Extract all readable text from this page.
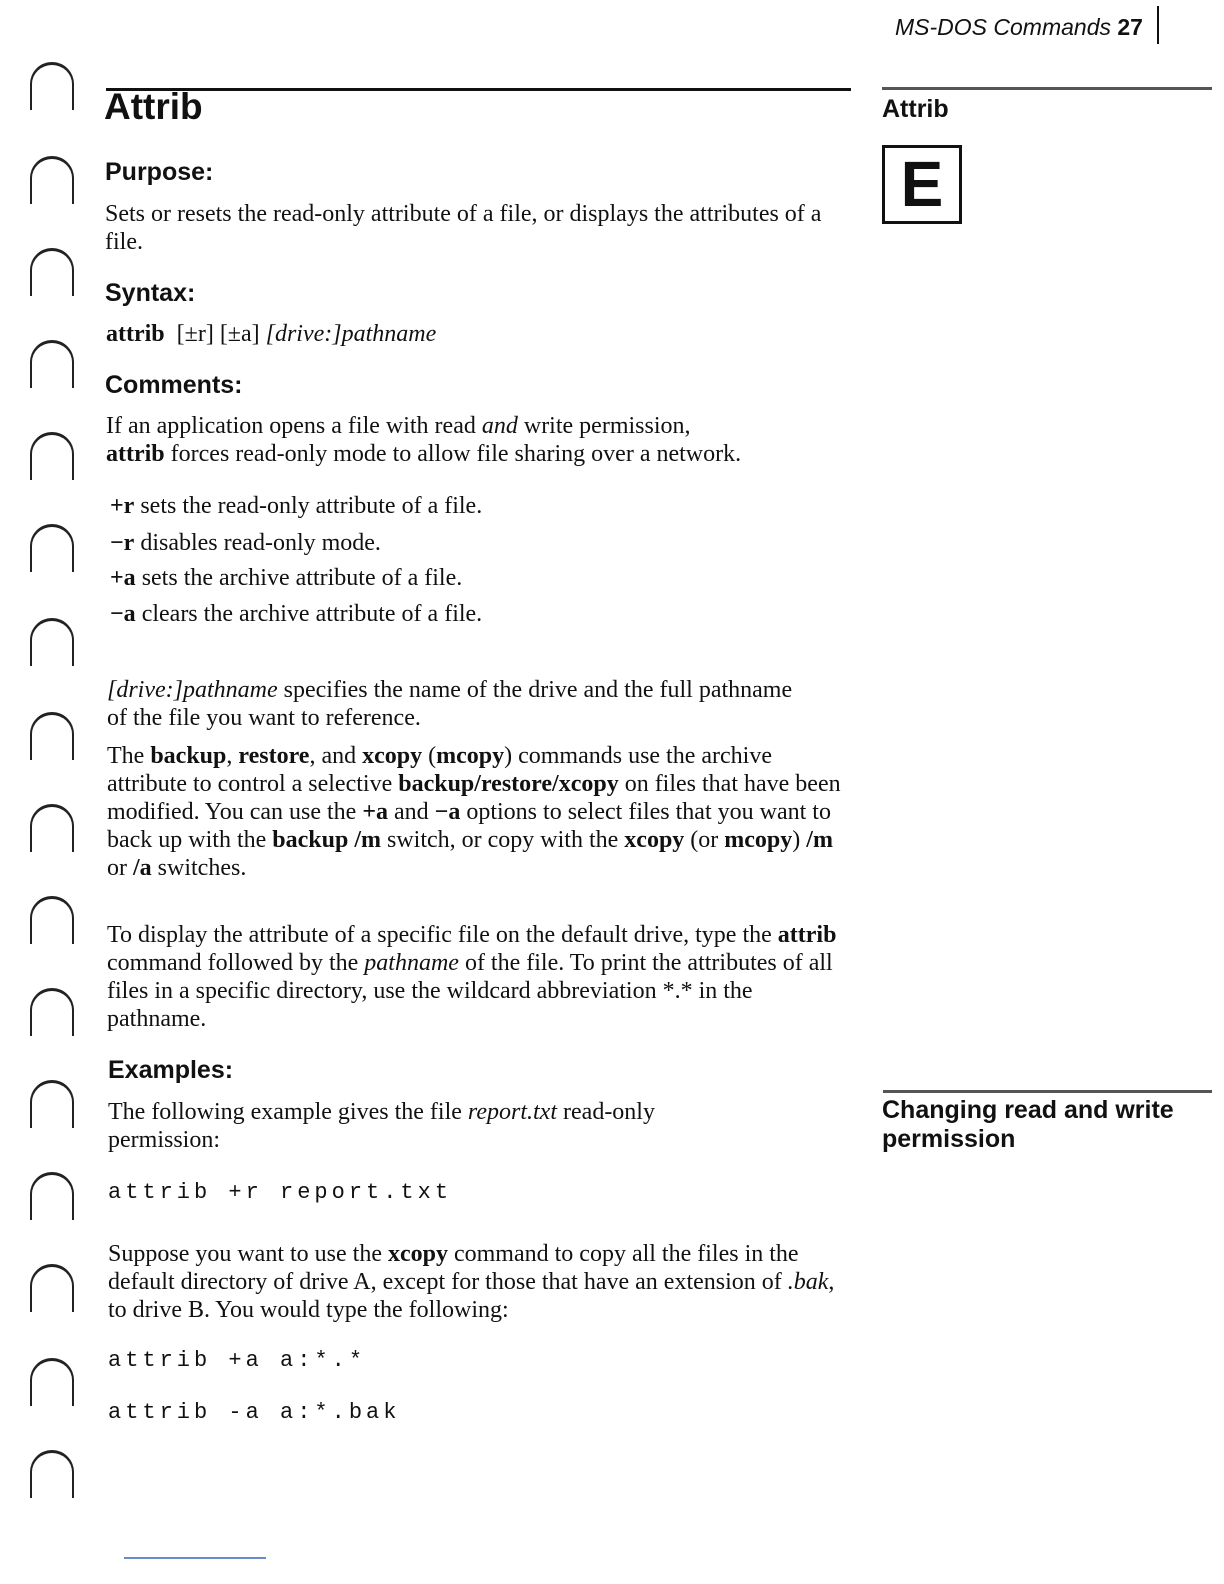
MS-DOS Commands 27
Attrib	Attrib
E
Changing read and write permission
Purpose:
Sets or resets the read-only attribute of a file, or displays the attributes of a file.
Syntax:
attrib [±r] [±a] [drive:]pathname
Comments:
If an application opens a file with read and write permission,
attrib forces read-only mode to allow file sharing over a network.
+r sets the read-only attribute of a file.
−r disables read-only mode.
+a sets the archive attribute of a file.
−a clears the archive attribute of a file.
[drive:]pathname specifies the name of the drive and the full pathname of the file you want to reference.
The backup, restore, and xcopy (mcopy) commands use the archive attribute to control a selective backup/restore/xcopy on files that have been modified. You can use the +a and −a options to select files that you want to back up with the backup /m switch, or copy with the xcopy (or mcopy) /m or /a switches.
To display the attribute of a specific file on the default drive, type the attrib command followed by the pathname of the file. To print the attributes of all files in a specific directory, use the wildcard abbreviation *.* in the pathname.
Examples:
The following example gives the file report.txt read-only permission:
attrib +r report.txt
Suppose you want to use the xcopy command to copy all the files in the default directory of drive A, except for those that have an extension of .bak, to drive B. You would type the following:
attrib +a a:*.*
attrib -a a:*.bak
